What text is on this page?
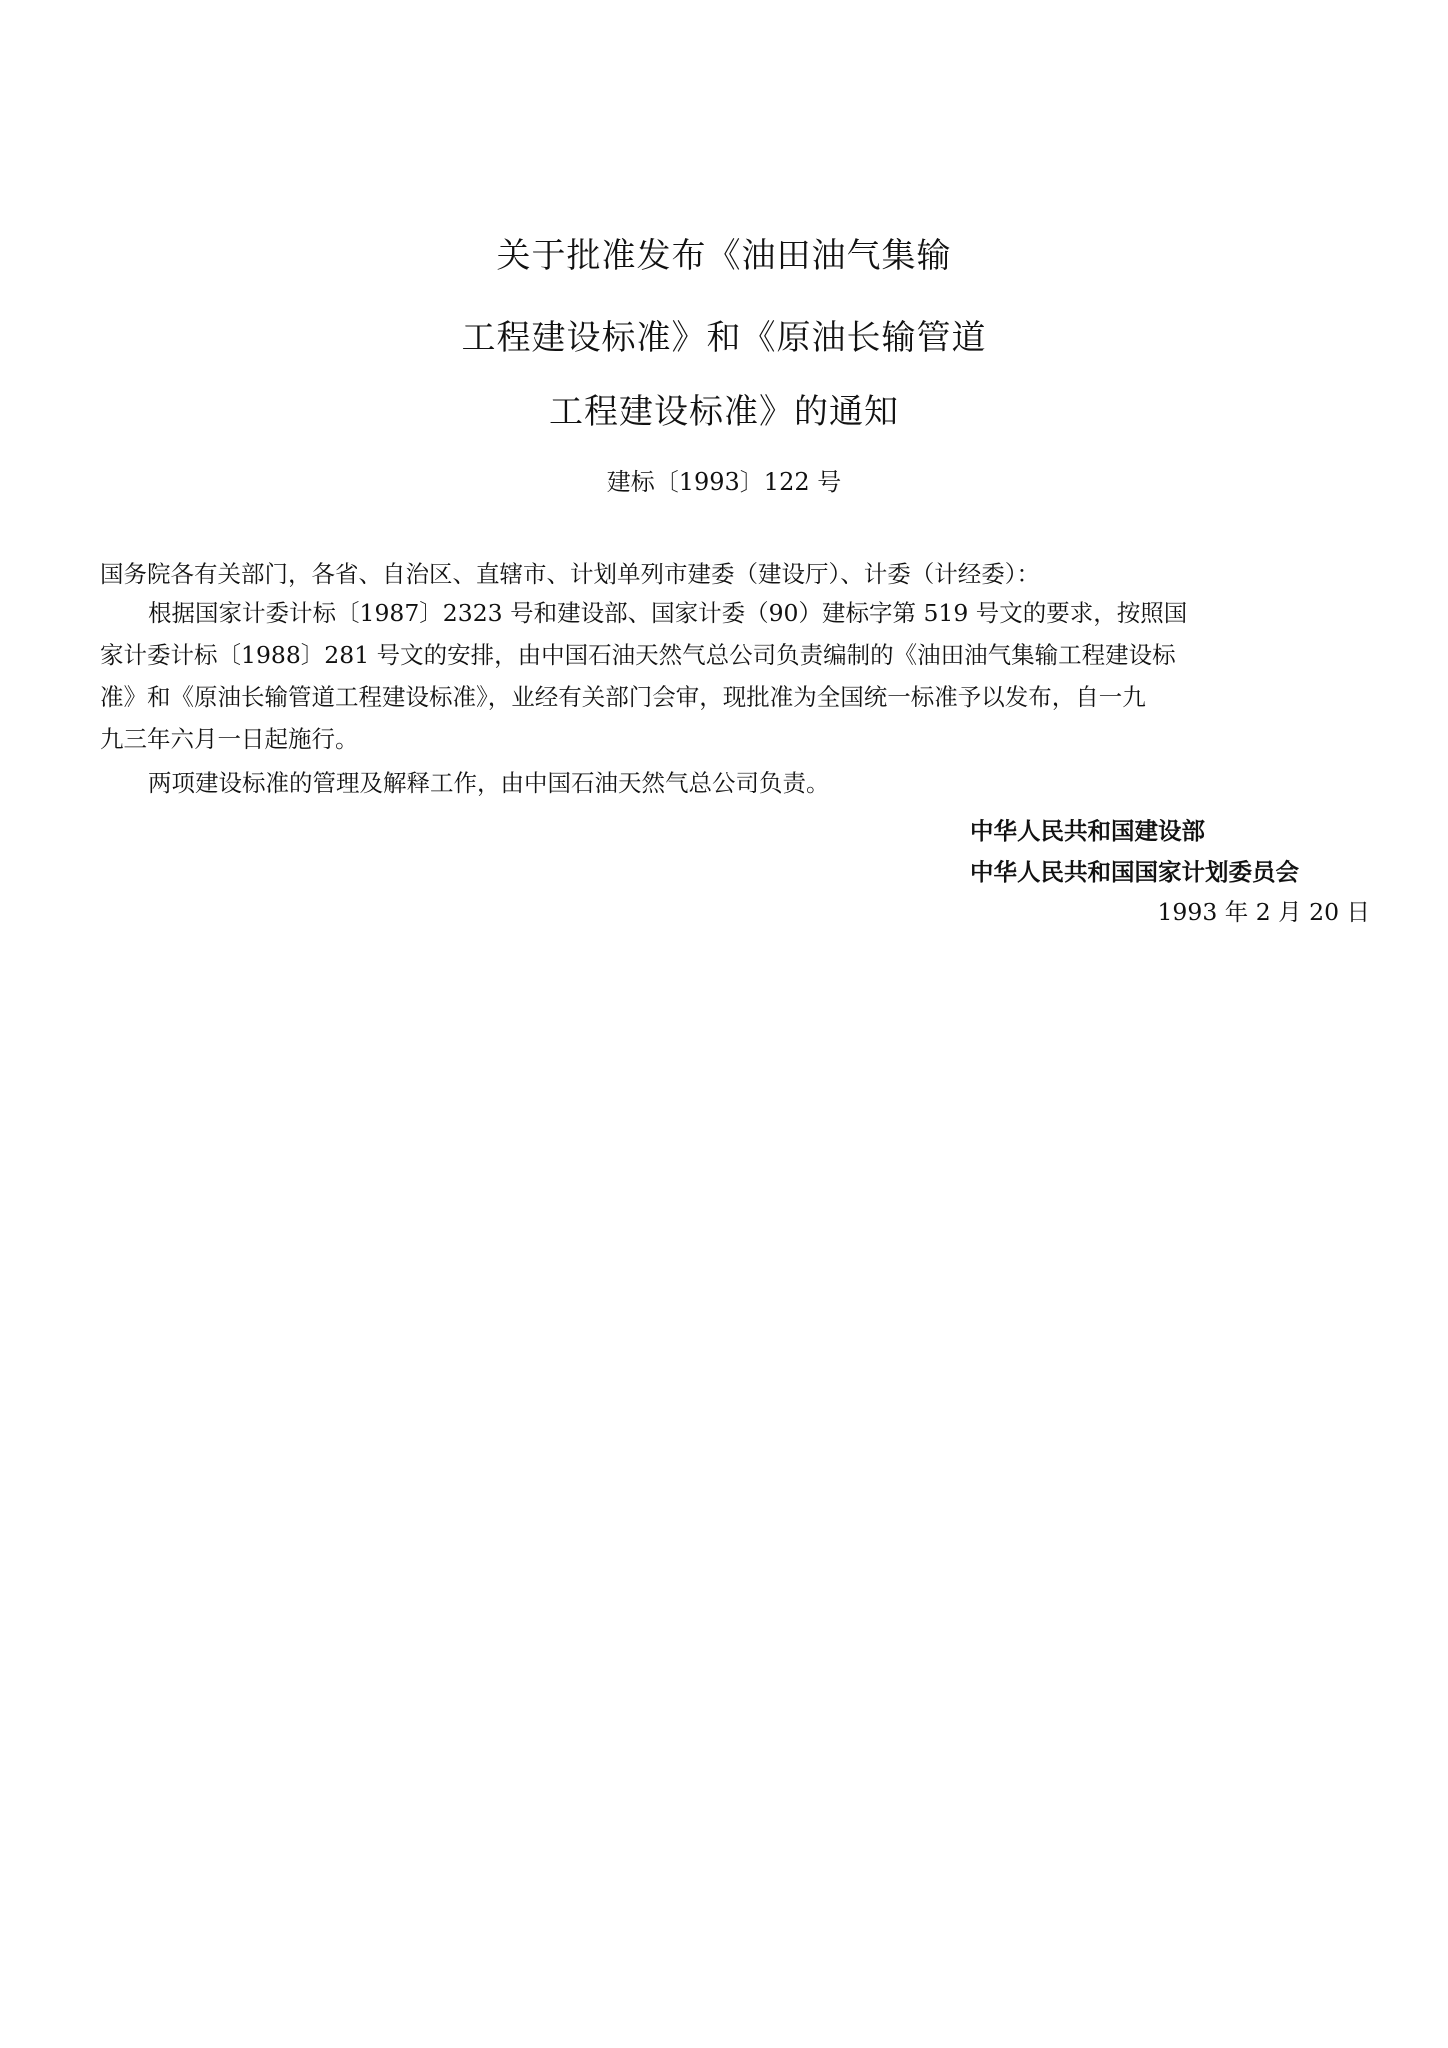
关于批准发布《油田油气集输
工程建设标准》和《原油长输管道
工程建设标准》的通知
建标〔1993〕122 号
国务院各有关部门，各省、自治区、直辖市、计划单列市建委（建设厅）、计委（计经委）：
根据国家计委计标〔1987〕2323 号和建设部、国家计委（90）建标字第 519 号文的要求，按照国
家计委计标〔1988〕281 号文的安排，由中国石油天然气总公司负责编制的《油田油气集输工程建设标
准》和《原油长输管道工程建设标准》，业经有关部门会审，现批准为全国统一标准予以发布，自一九
九三年六月一日起施行。
两项建设标准的管理及解释工作，由中国石油天然气总公司负责。
中华人民共和国建设部
中华人民共和国国家计划委员会
1993 年 2 月 20 日
